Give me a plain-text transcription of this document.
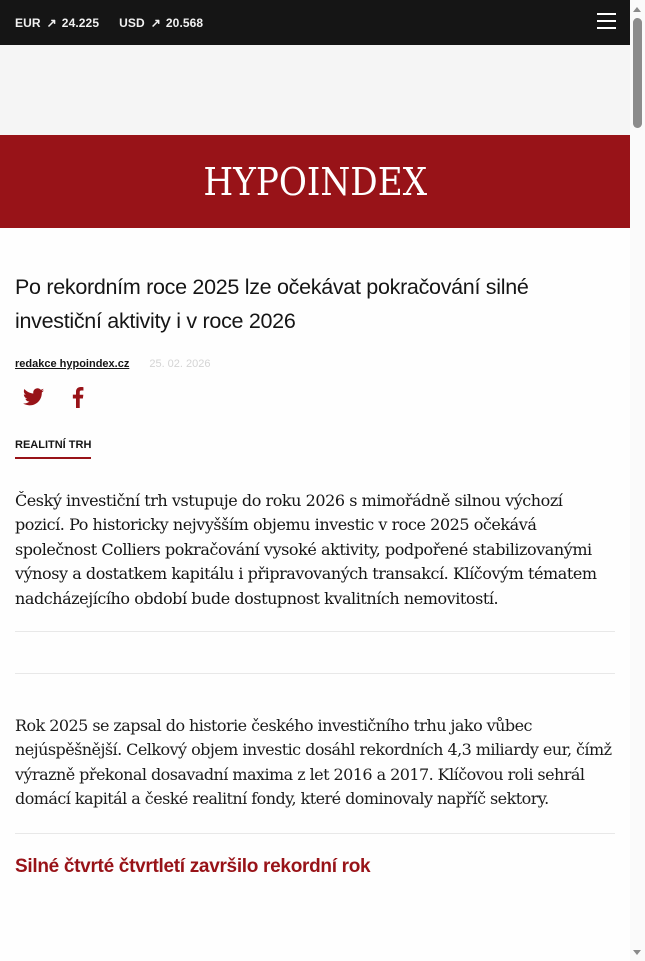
EUR ↗ 24.225 USD ↗ 20.568
HYPOINDEX
Po rekordním roce 2025 lze očekávat pokračování silné investiční aktivity i v roce 2026
redakce hypoindex.cz 25. 02. 2026
REALITNÍ TRH

Český investiční trh vstupuje do roku 2026 s mimořádně silnou výchozí pozicí. Po historicky nejvyšším objemu investic v roce 2025 očekává společnost Colliers pokračování vysoké aktivity, podpořené stabilizovanými výnosy a dostatkem kapitálu i připravovaných transakcí. Klíčovým tématem nadcházejícího období bude dostupnost kvalitních nemovitostí.

Rok 2025 se zapsal do historie českého investičního trhu jako vůbec nejúspěšnější. Celkový objem investic dosáhl rekordních 4,3 miliardy eur, čímž výrazně překonal dosavadní maxima z let 2016 a 2017. Klíčovou roli sehrál domácí kapitál a české realitní fondy, které dominovaly napříč sektory.

Silné čtvrté čtvrtletí završilo rekordní rok
